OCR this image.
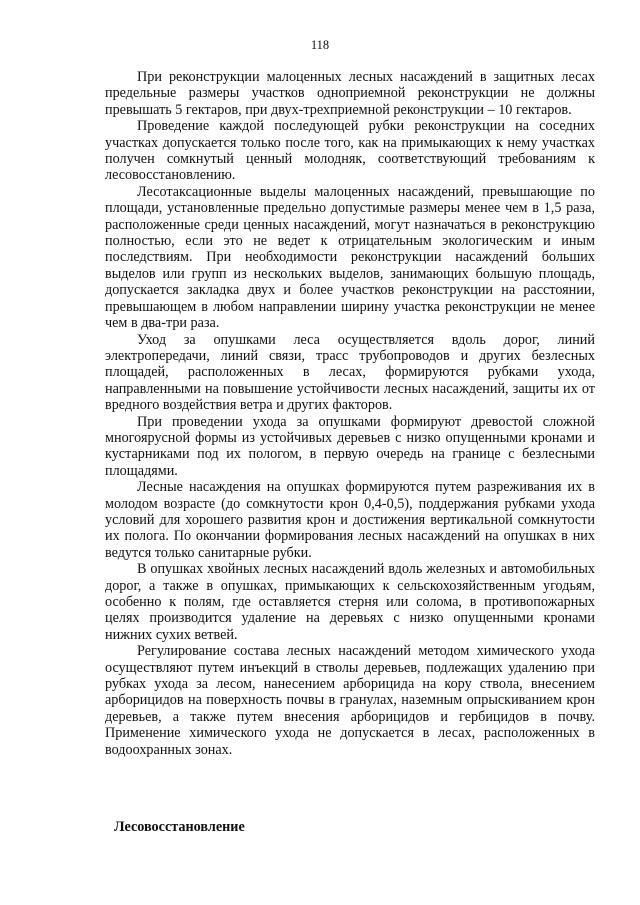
118

При реконструкции малоценных лесных насаждений в защитных лесах предельные размеры участков одноприемной реконструкции не должны превышать 5 гектаров, при двух-трехприемной реконструкции – 10 гектаров.

Проведение каждой последующей рубки реконструкции на соседних участках допускается только после того, как на примыкающих к нему участках получен сомкнутый ценный молодняк, соответствующий требованиям к лесовосстановлению.

Лесотаксационные выделы малоценных насаждений, превышающие по площади, установленные предельно допустимые размеры менее чем в 1,5 раза, расположенные среди ценных насаждений, могут назначаться в реконструкцию полностью, если это не ведет к отрицательным экологическим и иным последствиям. При необходимости реконструкции насаждений больших выделов или групп из нескольких выделов, занимающих большую площадь, допускается закладка двух и более участков реконструкции на расстоянии, превышающем в любом направлении ширину участка реконструкции не менее чем в два-три раза.

Уход за опушками леса осуществляется вдоль дорог, линий электропередачи, линий связи, трасс трубопроводов и других безлесных площадей, расположенных в лесах, формируются рубками ухода, направленными на повышение устойчивости лесных насаждений, защиты их от вредного воздействия ветра и других факторов.

При проведении ухода за опушками формируют древостой сложной многоярусной формы из устойчивых деревьев с низко опущенными кронами и кустарниками под их пологом, в первую очередь на границе с безлесными площадями.

Лесные насаждения на опушках формируются путем разреживания их в молодом возрасте (до сомкнутости крон 0,4-0,5), поддержания рубками ухода условий для хорошего развития крон и достижения вертикальной сомкнутости их полога. По окончании формирования лесных насаждений на опушках в них ведутся только санитарные рубки.

В опушках хвойных лесных насаждений вдоль железных и автомобильных дорог, а также в опушках, примыкающих к сельскохозяйственным угодьям, особенно к полям, где оставляется стерня или солома, в противопожарных целях производится удаление на деревьях с низко опущенными кронами нижних сухих ветвей.

Регулирование состава лесных насаждений методом химического ухода осуществляют путем инъекций в стволы деревьев, подлежащих удалению при рубках ухода за лесом, нанесением арборицида на кору ствола, внесением арборицидов на поверхность почвы в гранулах, наземным опрыскиванием крон деревьев, а также путем внесения арборицидов и гербицидов в почву. Применение химического ухода не допускается в лесах, расположенных в водоохранных зонах.

Лесовосстановление
